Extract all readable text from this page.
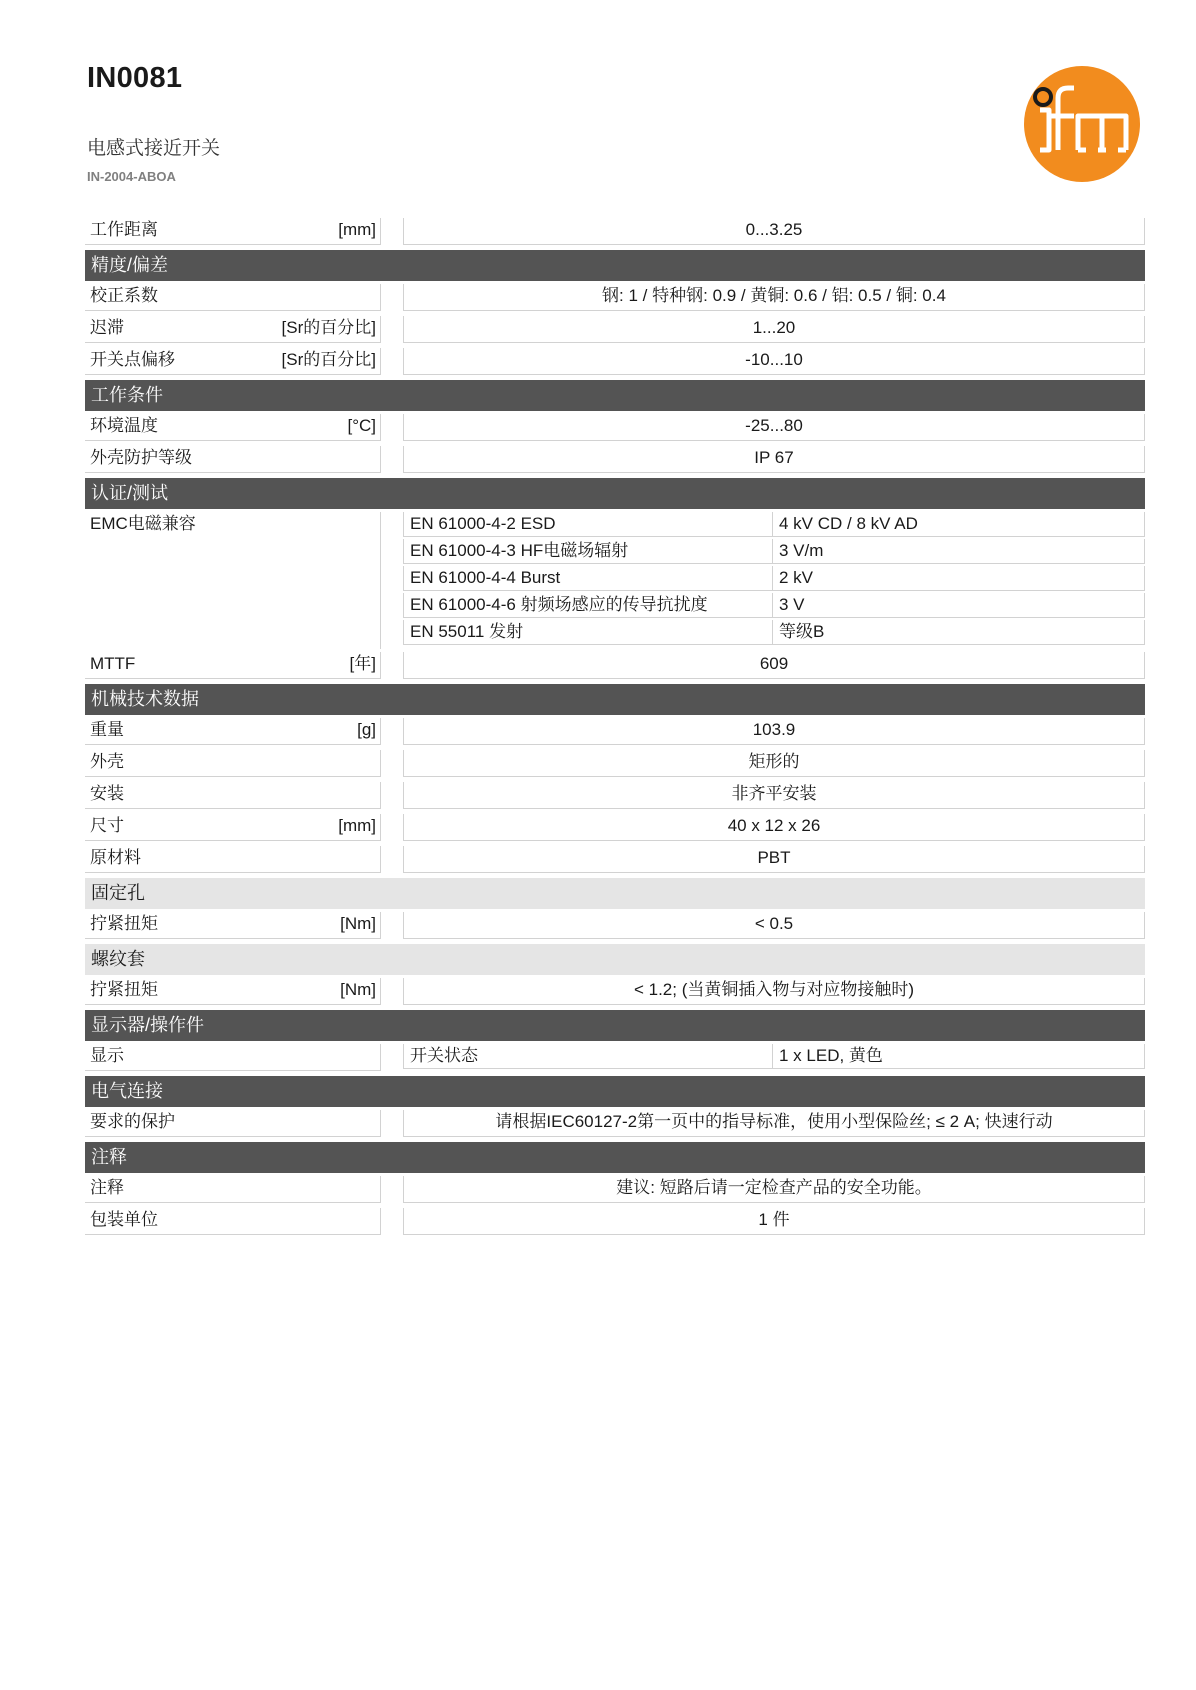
IN0081
电感式接近开关
IN-2004-ABOA
工作距离	[mm]	0...3.25
精度/偏差
校正系数	钢: 1 / 特种钢: 0.9 / 黄铜: 0.6 / 铝: 0.5 / 铜: 0.4
迟滞	[Sr的百分比]	1...20
开关点偏移	[Sr的百分比]	-10...10
工作条件
环境温度	[°C]	-25...80
外壳防护等级	IP 67
认证/测试
EMC电磁兼容	EN 61000-4-2 ESD	4 kV CD / 8 kV AD
EN 61000-4-3 HF电磁场辐射	3 V/m
EN 61000-4-4 Burst	2 kV
EN 61000-4-6 射频场感应的传导抗扰度	3 V
EN 55011 发射	等级B
MTTF	[年]	609
机械技术数据
重量	[g]	103.9
外壳	矩形的
安装	非齐平安装
尺寸	[mm]	40 x 12 x 26
原材料	PBT
固定孔
拧紧扭矩	[Nm]	< 0.5
螺纹套
拧紧扭矩	[Nm]	< 1.2; (当黄铜插入物与对应物接触时)
显示器/操作件
显示	开关状态	1 x LED, 黄色
电气连接
要求的保护	请根据IEC60127-2第一页中的指导标准，使用小型保险丝; ≤ 2 A; 快速行动
注释
注释	建议: 短路后请一定检查产品的安全功能。
包装单位	1 件
